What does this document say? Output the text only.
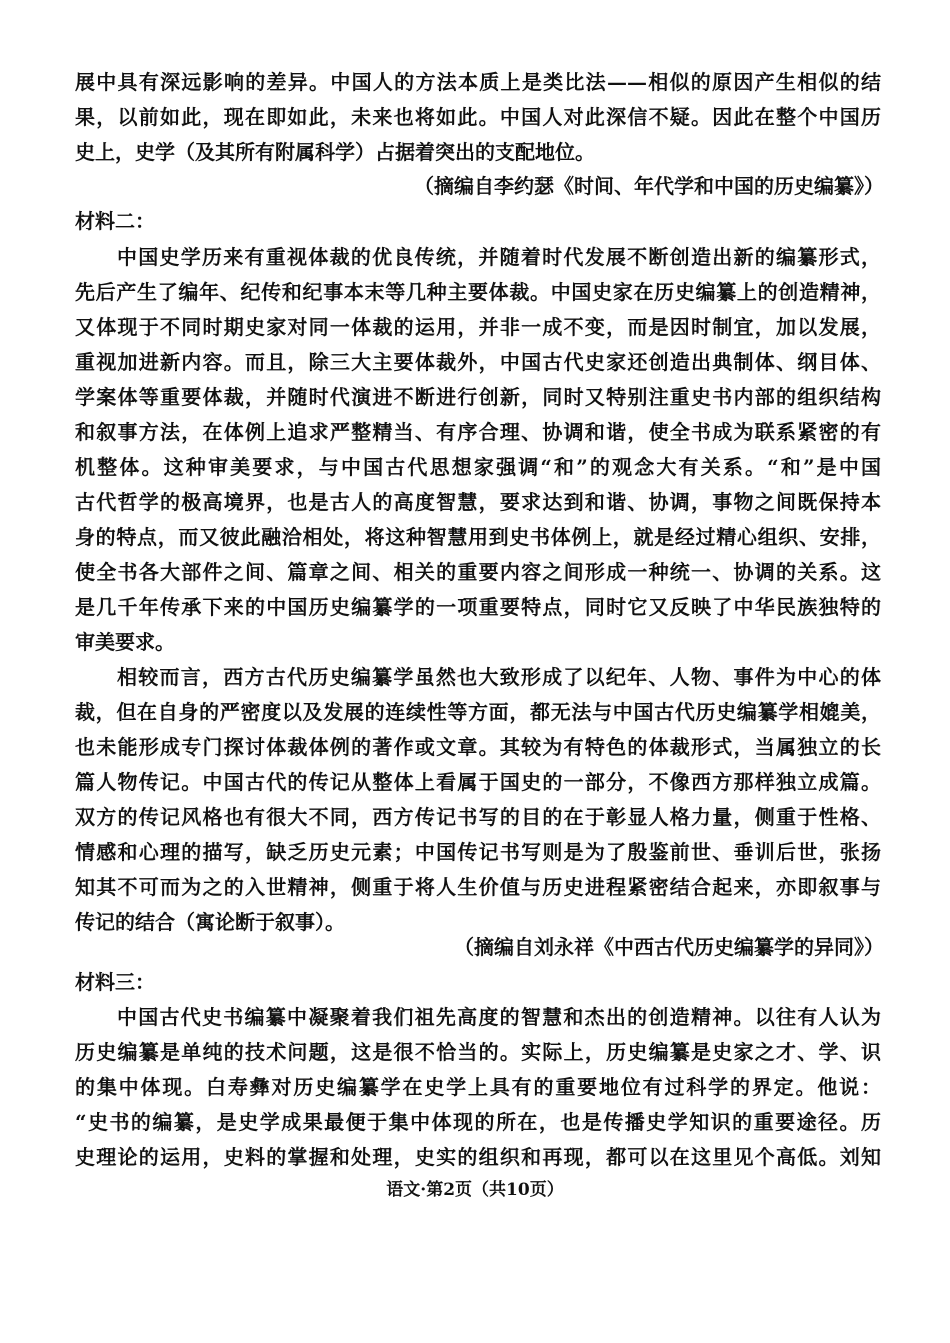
展中具有深远影响的差异。中国人的方法本质上是类比法——相似的原因产生相似的结
果，以前如此，现在即如此，未来也将如此。中国人对此深信不疑。因此在整个中国历
史上，史学（及其所有附属科学）占据着突出的支配地位。
（摘编自李约瑟《时间、年代学和中国的历史编纂》）
材料二：
中国史学历来有重视体裁的优良传统，并随着时代发展不断创造出新的编纂形式，
先后产生了编年、纪传和纪事本末等几种主要体裁。中国史家在历史编纂上的创造精神，
又体现于不同时期史家对同一体裁的运用，并非一成不变，而是因时制宜，加以发展，
重视加进新内容。而且，除三大主要体裁外，中国古代史家还创造出典制体、纲目体、
学案体等重要体裁，并随时代演进不断进行创新，同时又特别注重史书内部的组织结构
和叙事方法，在体例上追求严整精当、有序合理、协调和谐，使全书成为联系紧密的有
机整体。这种审美要求，与中国古代思想家强调“和”的观念大有关系。“和”是中国
古代哲学的极高境界，也是古人的高度智慧，要求达到和谐、协调，事物之间既保持本
身的特点，而又彼此融洽相处，将这种智慧用到史书体例上，就是经过精心组织、安排，
使全书各大部件之间、篇章之间、相关的重要内容之间形成一种统一、协调的关系。这
是几千年传承下来的中国历史编纂学的一项重要特点，同时它又反映了中华民族独特的
审美要求。
相较而言，西方古代历史编纂学虽然也大致形成了以纪年、人物、事件为中心的体
裁，但在自身的严密度以及发展的连续性等方面，都无法与中国古代历史编纂学相媲美，
也未能形成专门探讨体裁体例的著作或文章。其较为有特色的体裁形式，当属独立的长
篇人物传记。中国古代的传记从整体上看属于国史的一部分，不像西方那样独立成篇。
双方的传记风格也有很大不同，西方传记书写的目的在于彰显人格力量，侧重于性格、
情感和心理的描写，缺乏历史元素；中国传记书写则是为了殷鉴前世、垂训后世，张扬
知其不可而为之的入世精神，侧重于将人生价值与历史进程紧密结合起来，亦即叙事与
传记的结合（寓论断于叙事）。
（摘编自刘永祥《中西古代历史编纂学的异同》）
材料三：
中国古代史书编纂中凝聚着我们祖先高度的智慧和杰出的创造精神。以往有人认为
历史编纂是单纯的技术问题，这是很不恰当的。实际上，历史编纂是史家之才、学、识
的集中体现。白寿彝对历史编纂学在史学上具有的重要地位有过科学的界定。他说：
“史书的编纂，是史学成果最便于集中体现的所在，也是传播史学知识的重要途径。历
史理论的运用，史料的掌握和处理，史实的组织和再现，都可以在这里见个高低。刘知
语文·第2页（共10页）
